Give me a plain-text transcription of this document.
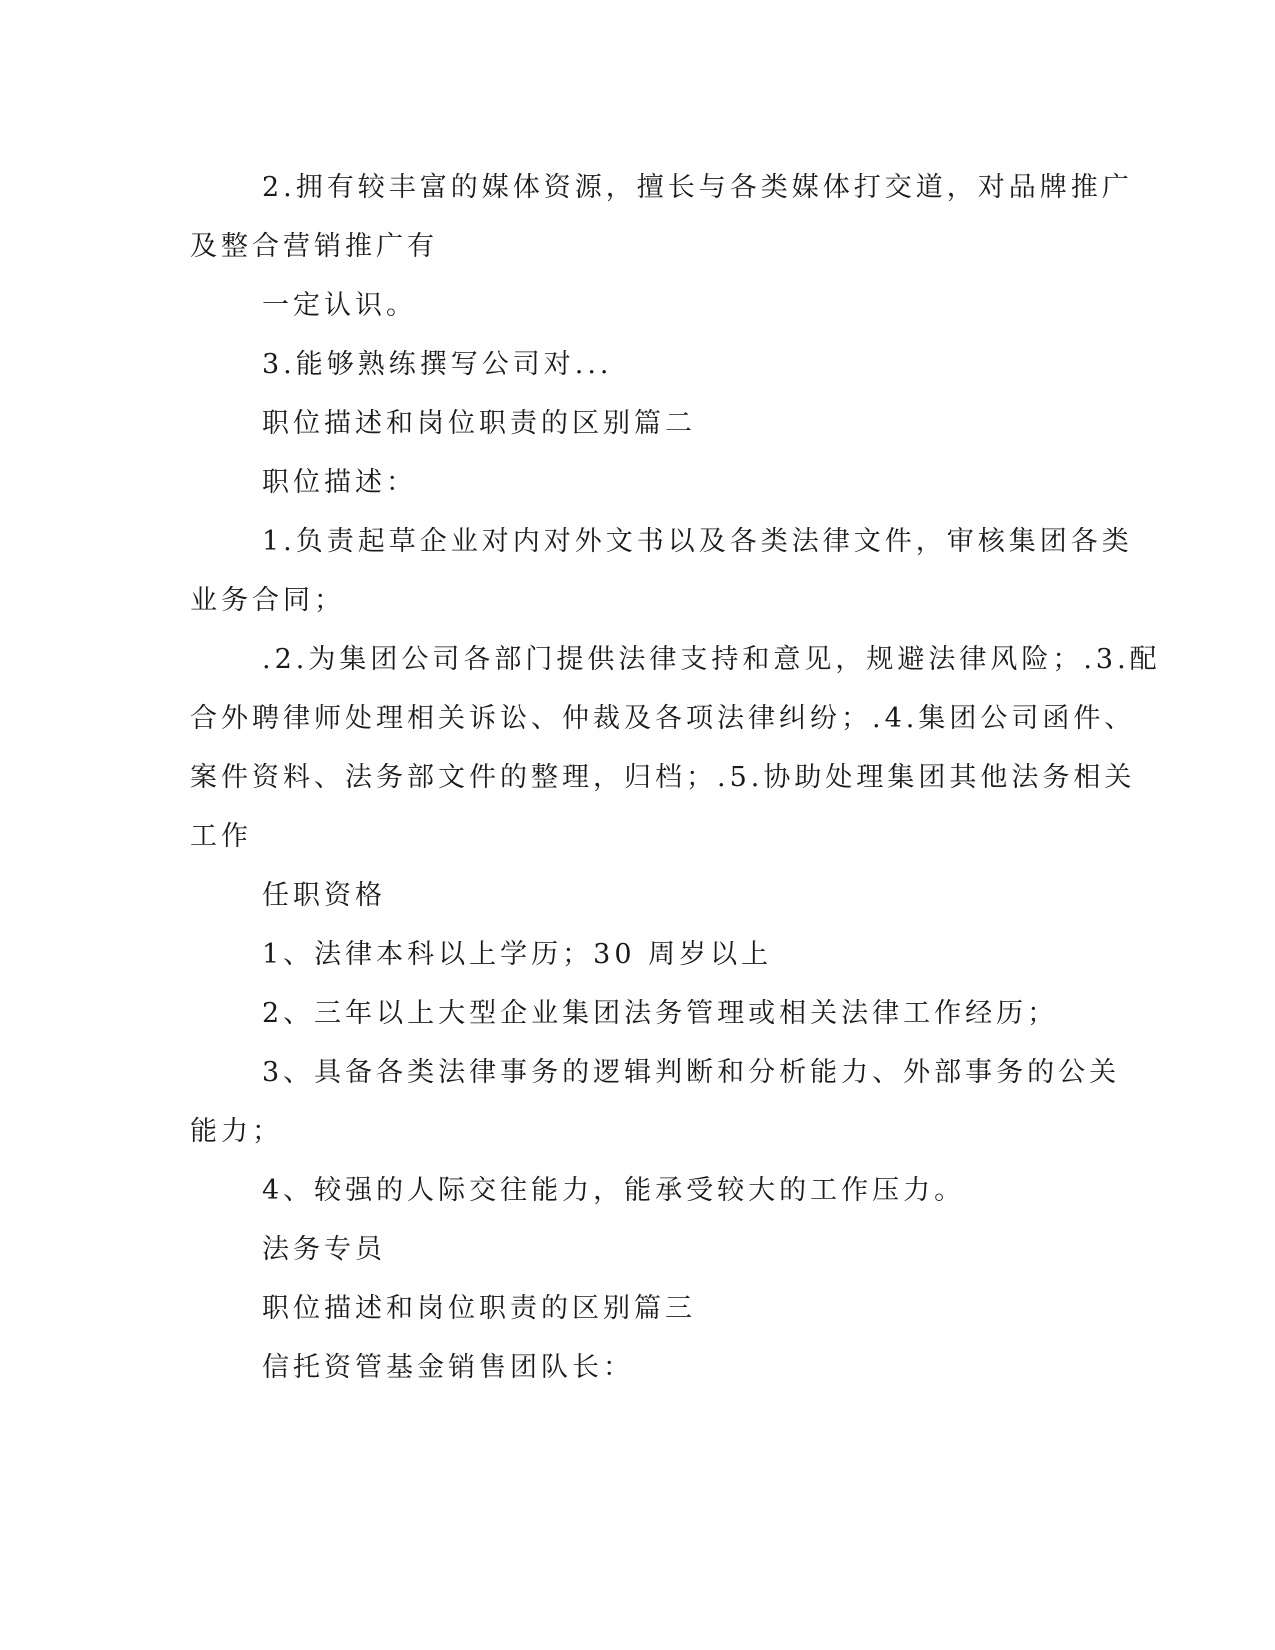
2.拥有较丰富的媒体资源，擅长与各类媒体打交道，对品牌推广

及整合营销推广有

一定认识。

3.能够熟练撰写公司对...

职位描述和岗位职责的区别篇二

职位描述：

1.负责起草企业对内对外文书以及各类法律文件，审核集团各类

业务合同；

.2.为集团公司各部门提供法律支持和意见，规避法律风险；.3.配

合外聘律师处理相关诉讼、仲裁及各项法律纠纷；.4.集团公司函件、

案件资料、法务部文件的整理，归档；.5.协助处理集团其他法务相关

工作

任职资格

1、法律本科以上学历；30 周岁以上

2、三年以上大型企业集团法务管理或相关法律工作经历；

3、具备各类法律事务的逻辑判断和分析能力、外部事务的公关

能力；

4、较强的人际交往能力，能承受较大的工作压力。

法务专员

职位描述和岗位职责的区别篇三

信托资管基金销售团队长：
